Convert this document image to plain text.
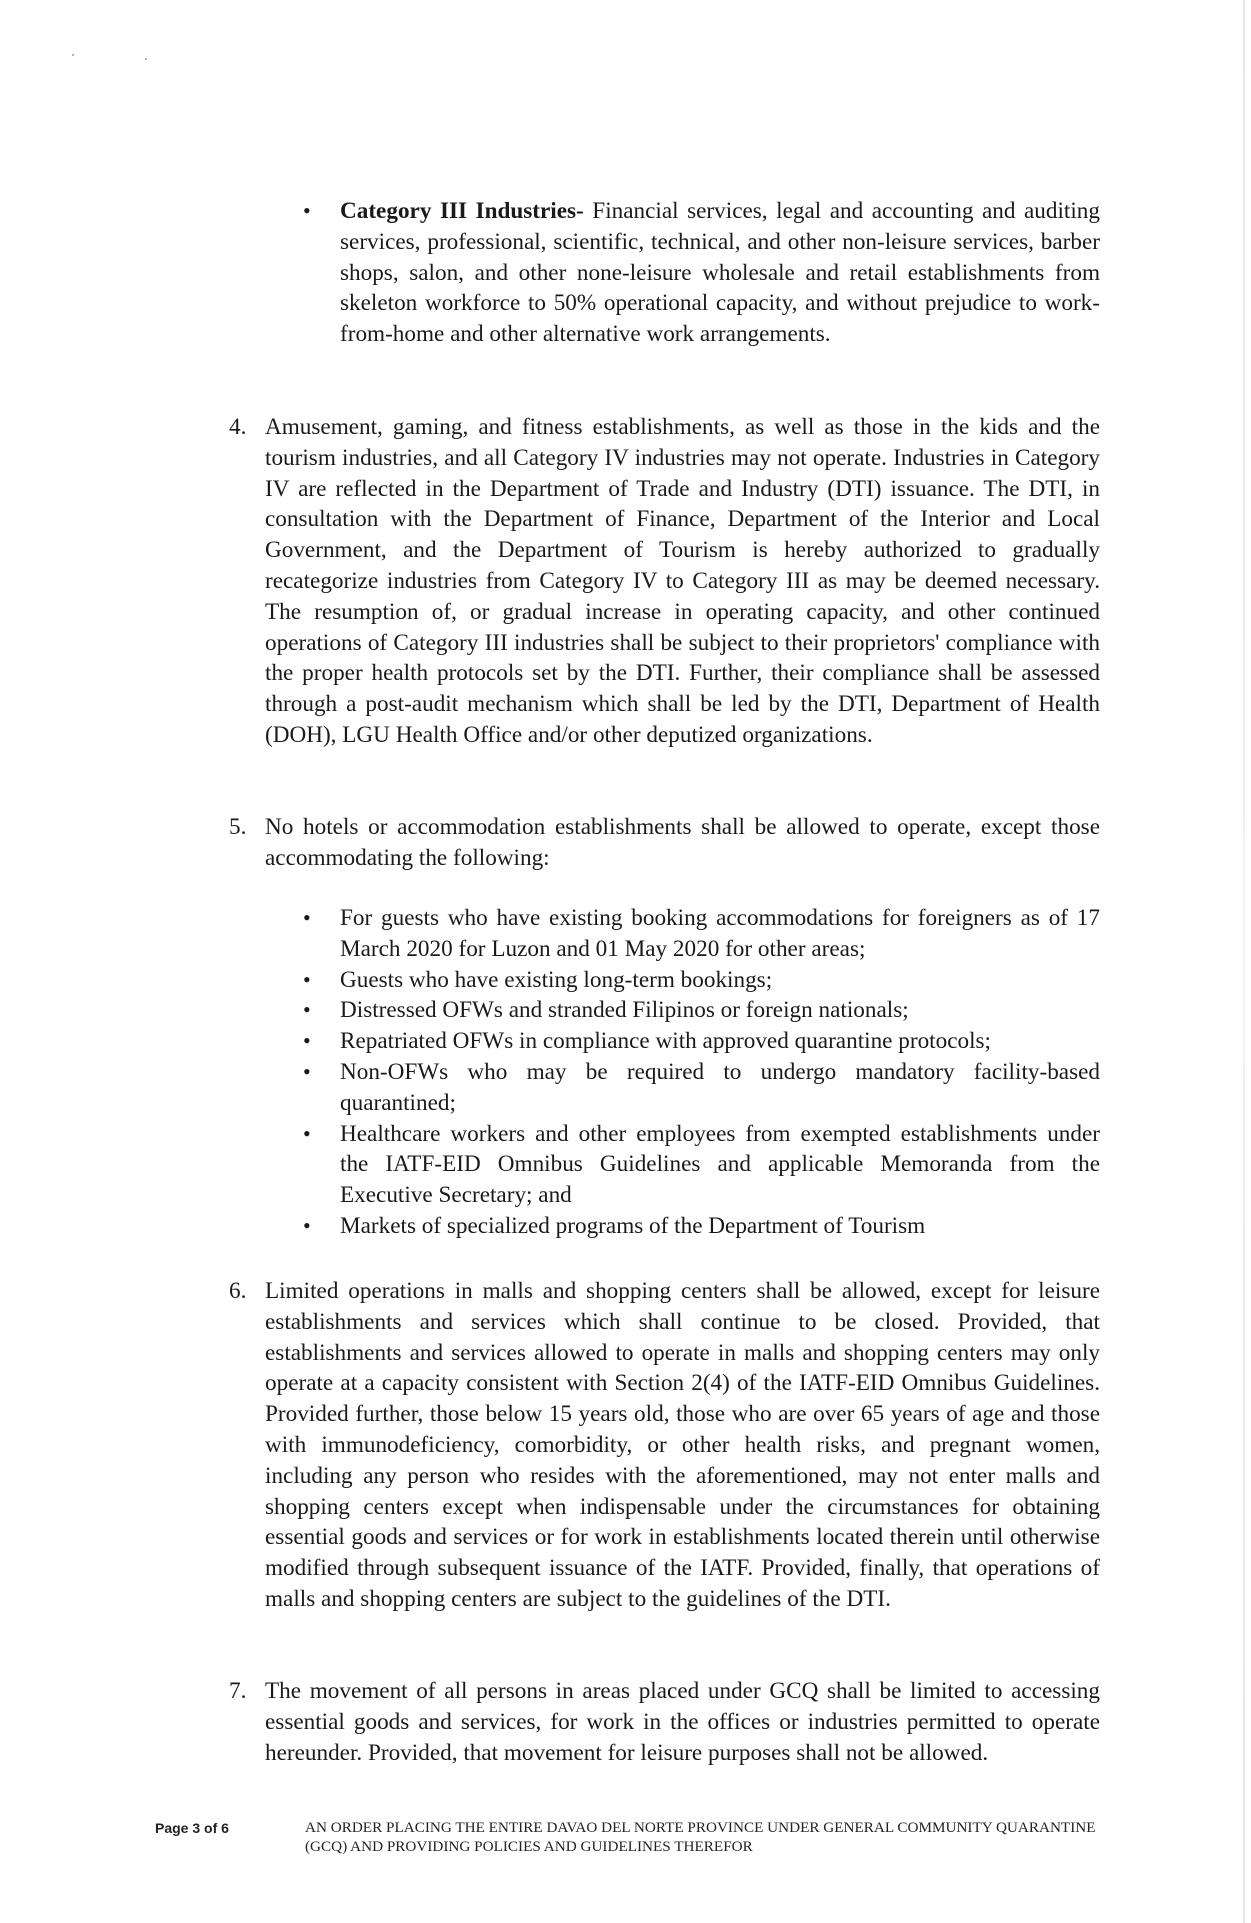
• Category III Industries- Financial services, legal and accounting and auditing services, professional, scientific, technical, and other non-leisure services, barber shops, salon, and other none-leisure wholesale and retail establishments from skeleton workforce to 50% operational capacity, and without prejudice to work-from-home and other alternative work arrangements.
4. Amusement, gaming, and fitness establishments, as well as those in the kids and the tourism industries, and all Category IV industries may not operate. Industries in Category IV are reflected in the Department of Trade and Industry (DTI) issuance. The DTI, in consultation with the Department of Finance, Department of the Interior and Local Government, and the Department of Tourism is hereby authorized to gradually recategorize industries from Category IV to Category III as may be deemed necessary. The resumption of, or gradual increase in operating capacity, and other continued operations of Category III industries shall be subject to their proprietors' compliance with the proper health protocols set by the DTI. Further, their compliance shall be assessed through a post-audit mechanism which shall be led by the DTI, Department of Health (DOH), LGU Health Office and/or other deputized organizations.
5. No hotels or accommodation establishments shall be allowed to operate, except those accommodating the following:
• For guests who have existing booking accommodations for foreigners as of 17 March 2020 for Luzon and 01 May 2020 for other areas;
• Guests who have existing long-term bookings;
• Distressed OFWs and stranded Filipinos or foreign nationals;
• Repatriated OFWs in compliance with approved quarantine protocols;
• Non-OFWs who may be required to undergo mandatory facility-based quarantined;
• Healthcare workers and other employees from exempted establishments under the IATF-EID Omnibus Guidelines and applicable Memoranda from the Executive Secretary; and
• Markets of specialized programs of the Department of Tourism
6. Limited operations in malls and shopping centers shall be allowed, except for leisure establishments and services which shall continue to be closed. Provided, that establishments and services allowed to operate in malls and shopping centers may only operate at a capacity consistent with Section 2(4) of the IATF-EID Omnibus Guidelines. Provided further, those below 15 years old, those who are over 65 years of age and those with immunodeficiency, comorbidity, or other health risks, and pregnant women, including any person who resides with the aforementioned, may not enter malls and shopping centers except when indispensable under the circumstances for obtaining essential goods and services or for work in establishments located therein until otherwise modified through subsequent issuance of the IATF. Provided, finally, that operations of malls and shopping centers are subject to the guidelines of the DTI.
7. The movement of all persons in areas placed under GCQ shall be limited to accessing essential goods and services, for work in the offices or industries permitted to operate hereunder. Provided, that movement for leisure purposes shall not be allowed.
Page 3 of 6	AN ORDER PLACING THE ENTIRE DAVAO DEL NORTE PROVINCE UNDER GENERAL COMMUNITY QUARANTINE (GCQ) AND PROVIDING POLICIES AND GUIDELINES THEREFOR
